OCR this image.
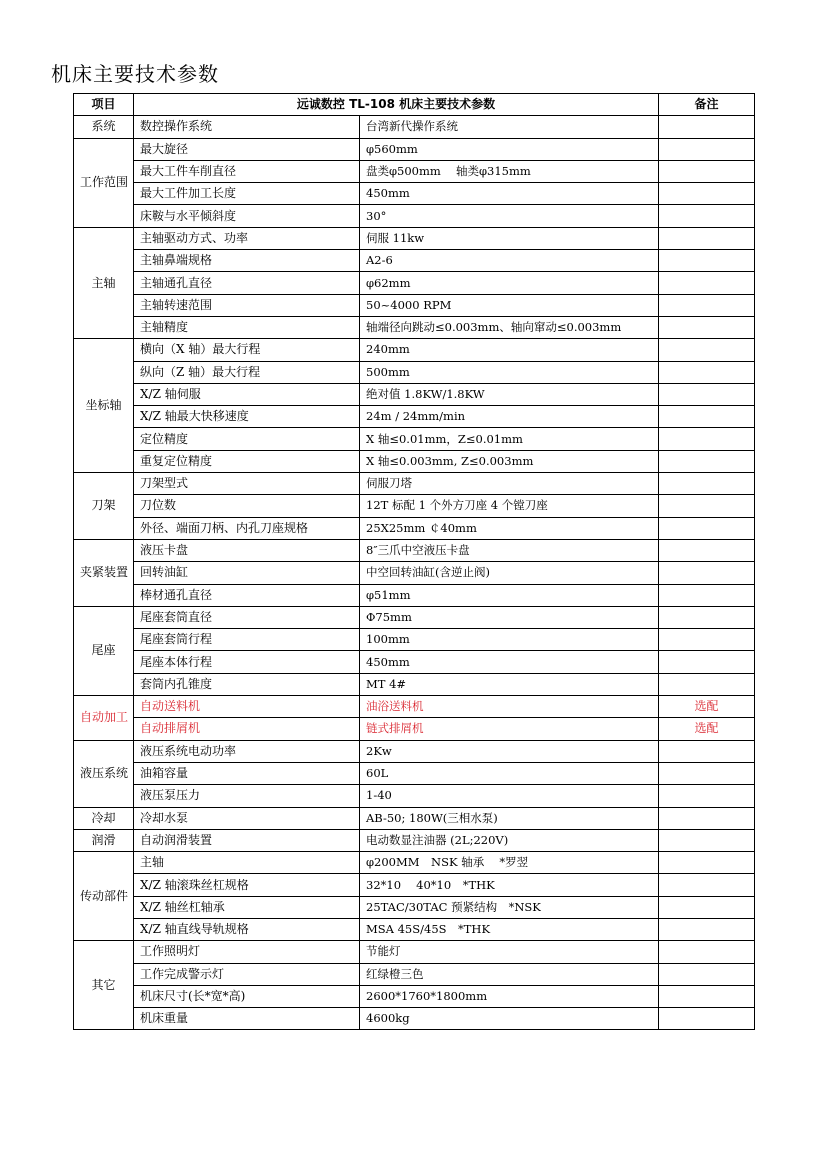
机床主要技术参数
项目	远诚数控 TL-108 机床主要技术参数		备注
系统	数控操作系统	台湾新代操作系统	
工作范围	最大旋径	φ560mm	
	最大工件车削直径	盘类φ500mm　 轴类φ315mm	
	最大工件加工长度	450mm	
	床鞍与水平倾斜度	30°	
主轴	主轴驱动方式、功率	伺服 11kw	
	主轴鼻端规格	A2-6	
	主轴通孔直径	φ62mm	
	主轴转速范围	50~4000 RPM	
	主轴精度	轴端径向跳动≤0.003mm、轴向窜动≤0.003mm	
坐标轴	横向（X 轴）最大行程	240mm	
	纵向（Z 轴）最大行程	500mm	
	X/Z 轴伺服	绝对值 1.8KW/1.8KW	
	X/Z 轴最大快移速度	24m / 24mm/min	
	定位精度	X 轴≤0.01mm，Z≤0.01mm	
	重复定位精度	X 轴≤0.003mm, Z≤0.003mm	
刀架	刀架型式	伺服刀塔	
	刀位数	12T 标配 1 个外方刀座 4 个镗刀座	
	外径、端面刀柄、内孔刀座规格	25X25mm ￠40mm	
夹紧装置	液压卡盘	8″三爪中空液压卡盘	
	回转油缸	中空回转油缸(含逆止阀)	
	棒材通孔直径	φ51mm	
尾座	尾座套筒直径	Φ75mm	
	尾座套筒行程	100mm	
	尾座本体行程	450mm	
	套筒内孔锥度	MT 4#	
自动加工	自动送料机	油浴送料机	选配
	自动排屑机	链式排屑机	选配
液压系统	液压系统电动功率	2Kw	
	油箱容量	60L	
	液压泵压力	1-40	
冷却	冷却水泵	AB-50; 180W(三相水泵)	
润滑	自动润滑装置	电动数显注油器 (2L;220V)	
传动部件	主轴	φ200MM　NSK 轴承　 *罗翌	
	X/Z 轴滚珠丝杠规格	32*10　 40*10　*THK	
	X/Z 轴丝杠轴承	25TAC/30TAC 预紧结构　*NSK	
	X/Z 轴直线导轨规格	MSA 45S/45S　*THK	
其它	工作照明灯	节能灯	
	工作完成警示灯	红绿橙三色	
	机床尺寸(长*宽*高)	2600*1760*1800mm	
	机床重量	4600kg	
